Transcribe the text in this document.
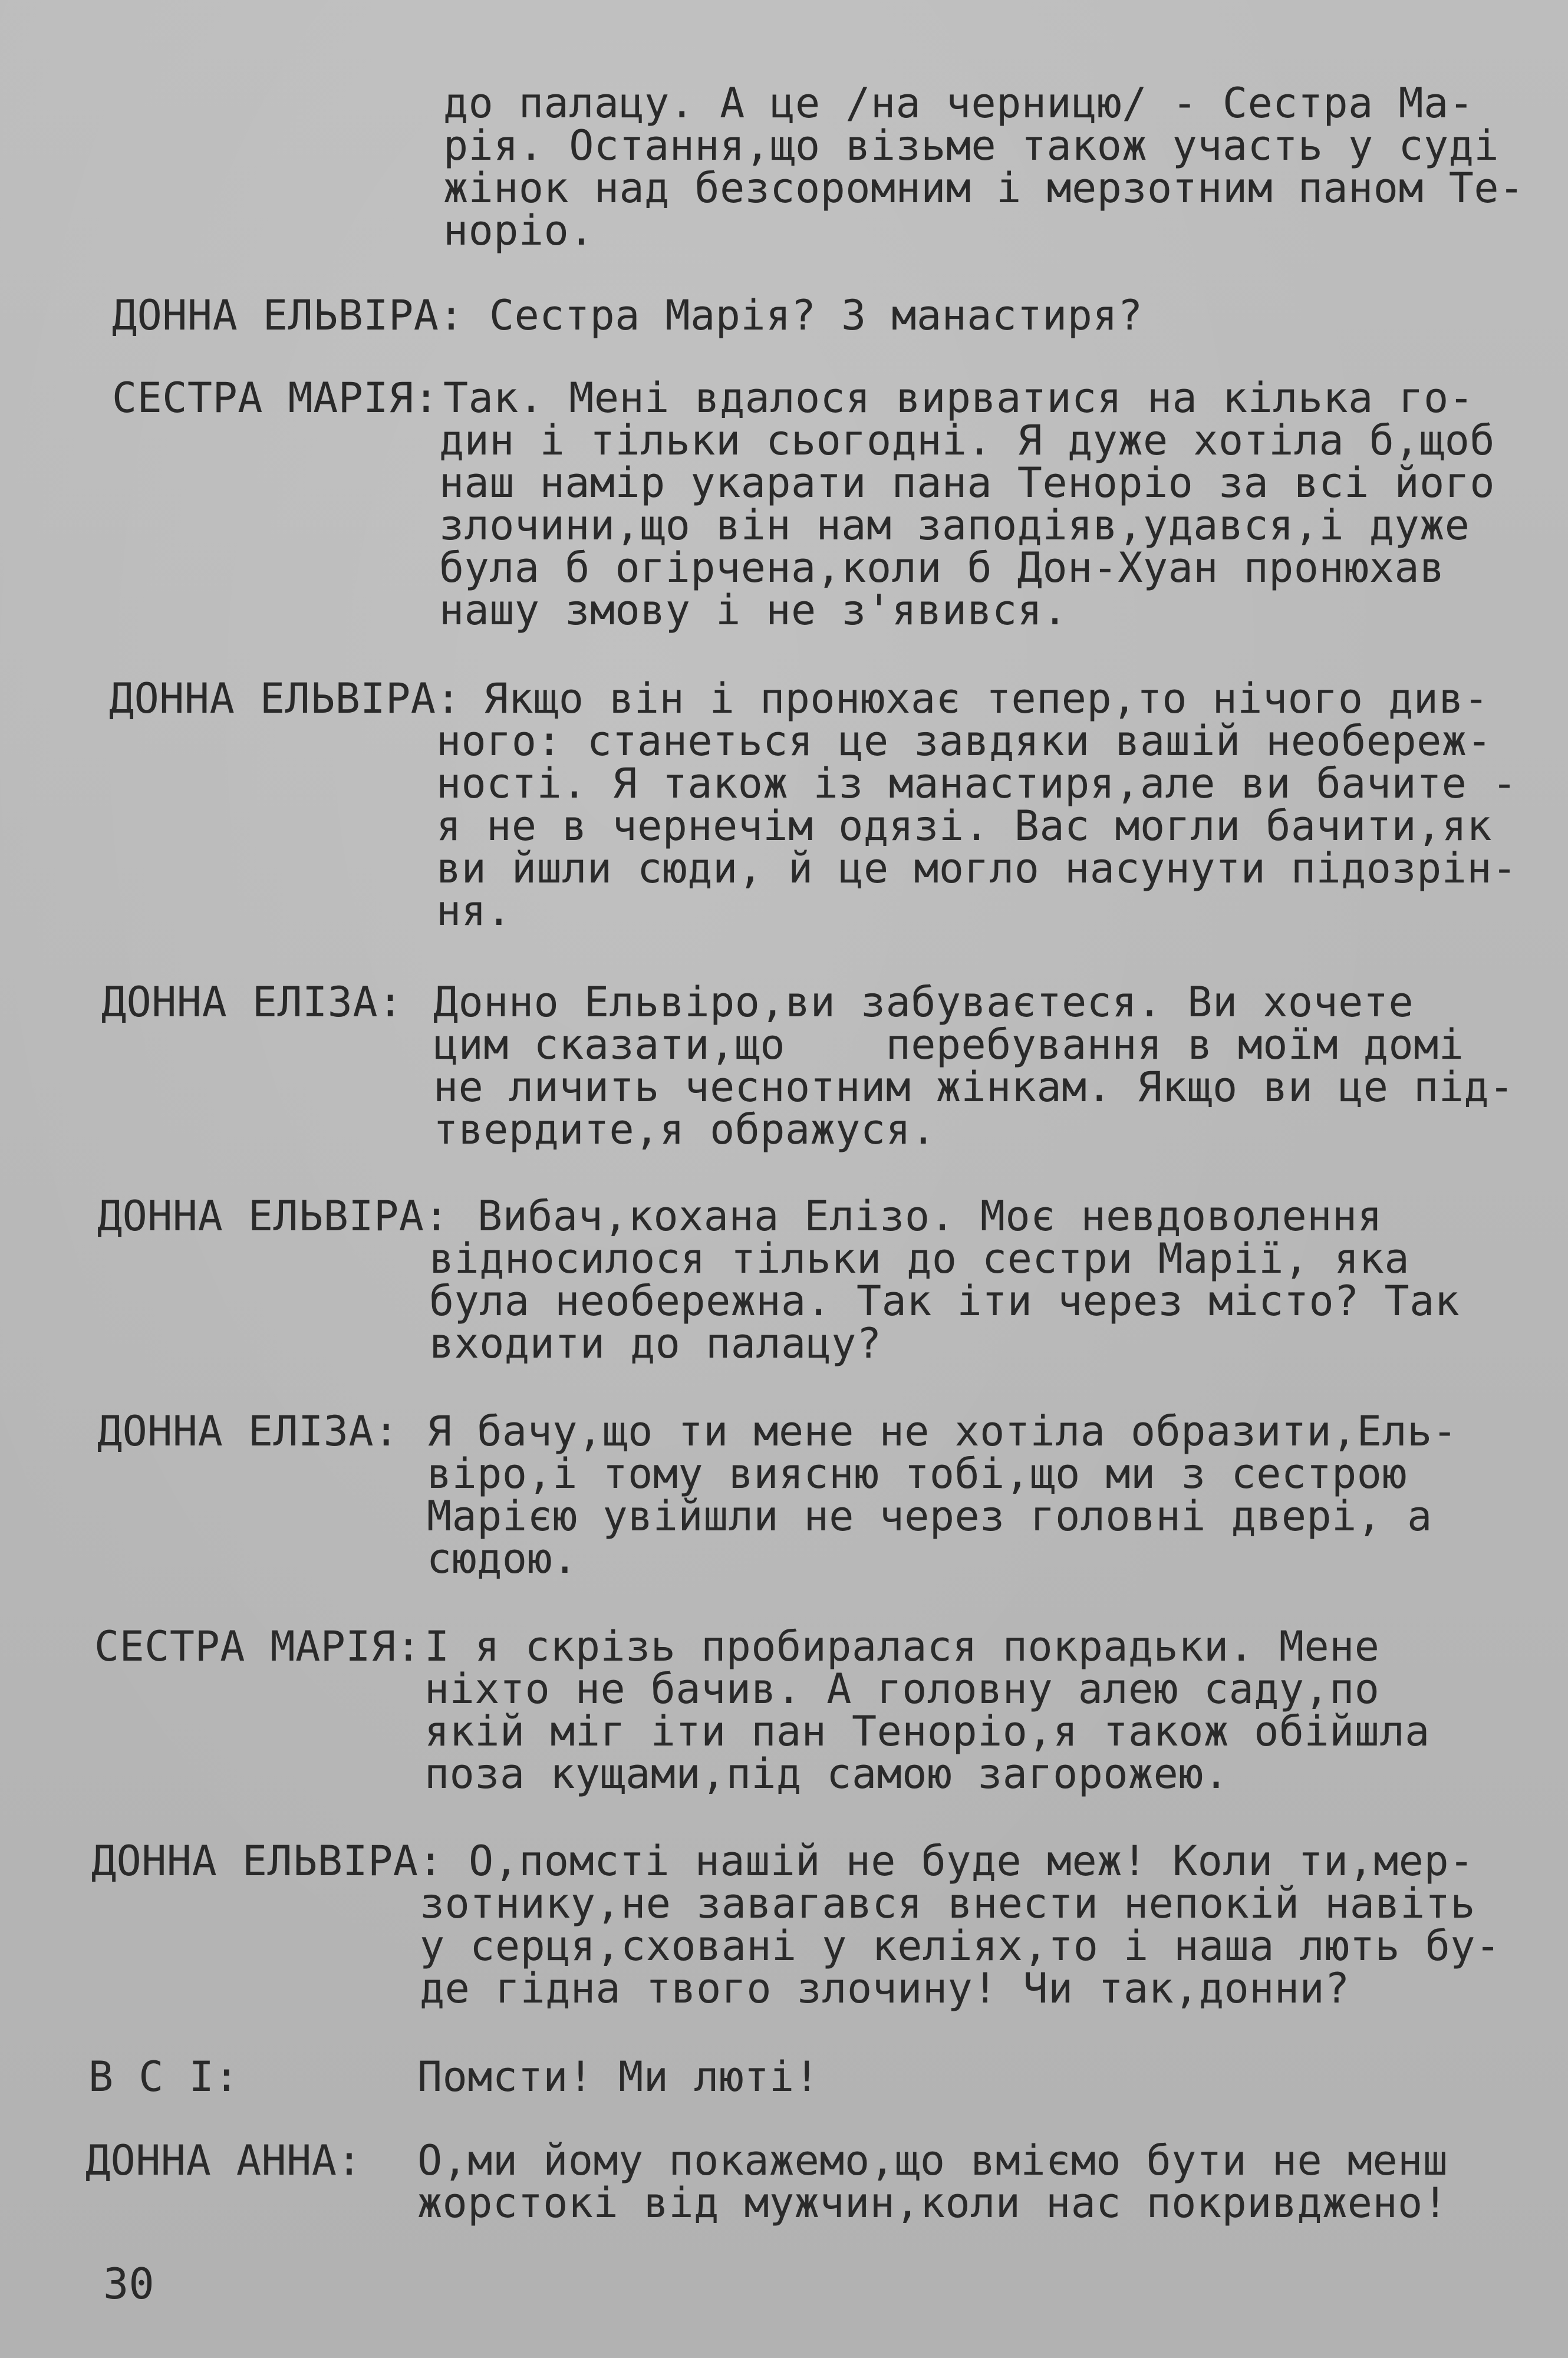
до палацу. А це /на черницю/ - Сестра Ма-
рія. Остання,що візьме також участь у суді
жінок над безсоромним і мерзотним паном Те-
норіо.
ДОННА ЕЛЬВІРА: Сестра Марія? З манастиря?
СЕСТРА МАРІЯ: Так. Мені вдалося вирватися на кілька го-
дин і тільки сьогодні. Я дуже хотіла б,щоб
наш намір укарати пана Теноріо за всі його
злочини,що він нам заподіяв,удався,і дуже
була б огірчена,коли б Дон-Хуан пронюхав
нашу змову і не з'явився.
ДОННА ЕЛЬВІРА: Якщо він і пронюхає тепер,то нічого див-
ного: станеться це завдяки вашій необереж-
ності. Я також із манастиря,але ви бачите -
я не в чернечім одязі. Вас могли бачити,як
ви йшли сюди, й це могло насунути підозрін-
ня.
ДОННА ЕЛІЗА: Донно Ельвіро,ви забуваєтеся. Ви хочете
цим сказати,що    перебування в моїм домі
не личить чеснотним жінкам. Якщо ви це під-
твердите,я ображуся.
ДОННА ЕЛЬВІРА: Вибач,кохана Елізо. Моє невдоволення
відносилося тільки до сестри Марії, яка
була необережна. Так іти через місто? Так
входити до палацу?
ДОННА ЕЛІЗА: Я бачу,що ти мене не хотіла образити,Ель-
віро,і тому виясню тобі,що ми з сестрою
Марією увійшли не через головні двері, а
сюдою.
СЕСТРА МАРІЯ: І я скрізь пробиралася покрадьки. Мене
ніхто не бачив. А головну алею саду,по
якій міг іти пан Теноріо,я також обійшла
поза кущами,під самою загорожею.
ДОННА ЕЛЬВІРА: О,помсті нашій не буде меж! Коли ти,мер-
зотнику,не завагався внести непокій навіть
у серця,сховані у келіях,то і наша лють бу-
де гідна твого злочину! Чи так,донни?
В С І:	Помсти! Ми люті!
ДОННА АННА: О,ми йому покажемо,що вміємо бути не менш
жорстокі від мужчин,коли нас покривджено!
30
